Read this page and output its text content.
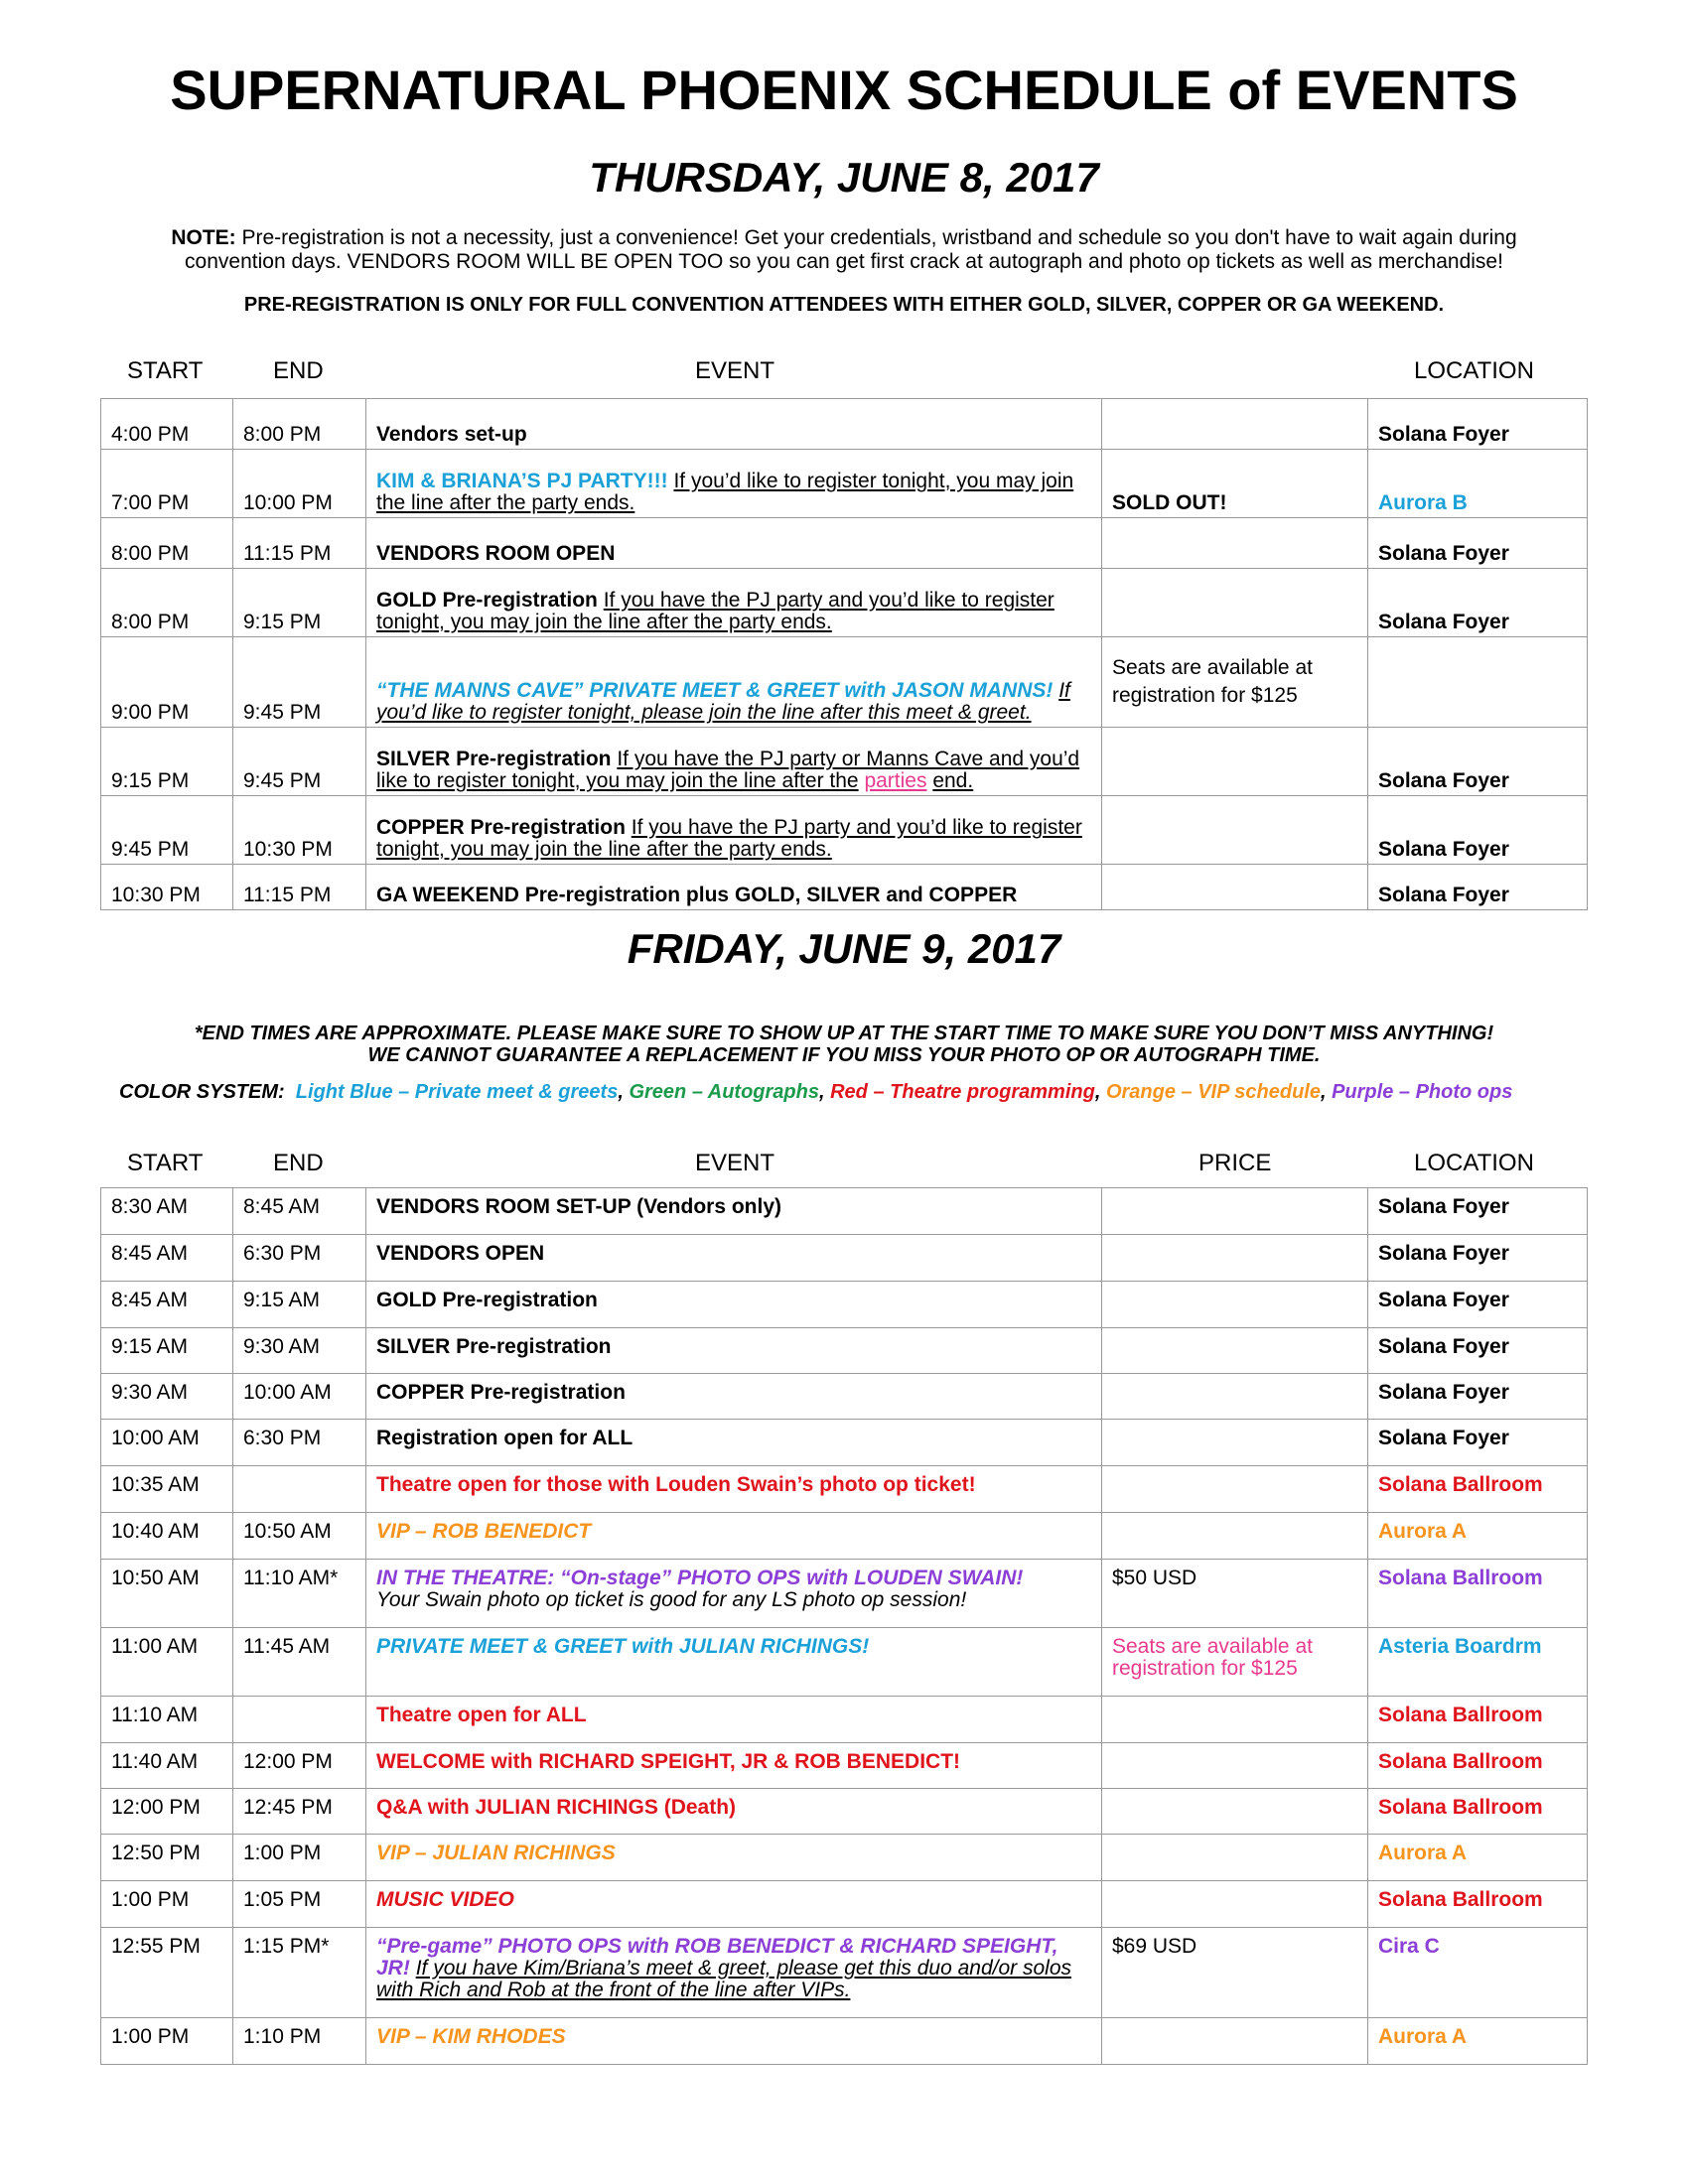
SUPERNATURAL PHOENIX SCHEDULE of EVENTS
THURSDAY, JUNE 8, 2017

NOTE: Pre-registration is not a necessity, just a convenience! Get your credentials, wristband and schedule so you don't have to wait again during convention days. VENDORS ROOM WILL BE OPEN TOO so you can get first crack at autograph and photo op tickets as well as merchandise!

PRE-REGISTRATION IS ONLY FOR FULL CONVENTION ATTENDEES WITH EITHER GOLD, SILVER, COPPER OR GA WEEKEND.

START	END	EVENT	LOCATION
4:00 PM	8:00 PM	Vendors set-up		Solana Foyer
7:00 PM	10:00 PM	KIM & BRIANA’S PJ PARTY!!! If you’d like to register tonight, you may join the line after the party ends.	SOLD OUT!	Aurora B
8:00 PM	11:15 PM	VENDORS ROOM OPEN		Solana Foyer
8:00 PM	9:15 PM	GOLD Pre-registration If you have the PJ party and you’d like to register tonight, you may join the line after the party ends.		Solana Foyer
9:00 PM	9:45 PM	“THE MANNS CAVE” PRIVATE MEET & GREET with JASON MANNS! If you’d like to register tonight, please join the line after this meet & greet.	Seats are available at registration for $125	
9:15 PM	9:45 PM	SILVER Pre-registration If you have the PJ party or Manns Cave and you’d like to register tonight, you may join the line after the parties end.		Solana Foyer
9:45 PM	10:30 PM	COPPER Pre-registration If you have the PJ party and you’d like to register tonight, you may join the line after the party ends.		Solana Foyer
10:30 PM	11:15 PM	GA WEEKEND Pre-registration plus GOLD, SILVER and COPPER		Solana Foyer
FRIDAY, JUNE 9, 2017

*END TIMES ARE APPROXIMATE. PLEASE MAKE SURE TO SHOW UP AT THE START TIME TO MAKE SURE YOU DON’T MISS ANYTHING!

WE CANNOT GUARANTEE A REPLACEMENT IF YOU MISS YOUR PHOTO OP OR AUTOGRAPH TIME.

COLOR SYSTEM: Light Blue – Private meet & greets, Green – Autographs, Red – Theatre programming, Orange – VIP schedule, Purple – Photo ops

START	END	EVENT	PRICE	LOCATION
8:30 AM	8:45 AM	VENDORS ROOM SET-UP (Vendors only)		Solana Foyer
8:45 AM	6:30 PM	VENDORS OPEN		Solana Foyer
8:45 AM	9:15 AM	GOLD Pre-registration		Solana Foyer
9:15 AM	9:30 AM	SILVER Pre-registration		Solana Foyer
9:30 AM	10:00 AM	COPPER Pre-registration		Solana Foyer
10:00 AM	6:30 PM	Registration open for ALL		Solana Foyer
10:35 AM		Theatre open for those with Louden Swain’s photo op ticket!		Solana Ballroom
10:40 AM	10:50 AM	VIP – ROB BENEDICT		Aurora A
10:50 AM	11:10 AM*	IN THE THEATRE: “On-stage” PHOTO OPS with LOUDEN SWAIN!
Your Swain photo op ticket is good for any LS photo op session!	$50 USD	Solana Ballroom
11:00 AM	11:45 AM	PRIVATE MEET & GREET with JULIAN RICHINGS!	Seats are available at registration for $125	Asteria Boardrm
11:10 AM		Theatre open for ALL		Solana Ballroom
11:40 AM	12:00 PM	WELCOME with RICHARD SPEIGHT, JR & ROB BENEDICT!		Solana Ballroom
12:00 PM	12:45 PM	Q&A with JULIAN RICHINGS (Death)		Solana Ballroom
12:50 PM	1:00 PM	VIP – JULIAN RICHINGS		Aurora A
1:00 PM	1:05 PM	MUSIC VIDEO		Solana Ballroom
12:55 PM	1:15 PM*	“Pre-game” PHOTO OPS with ROB BENEDICT & RICHARD SPEIGHT, JR! If you have Kim/Briana’s meet & greet, please get this duo and/or solos with Rich and Rob at the front of the line after VIPs.	$69 USD	Cira C
1:00 PM	1:10 PM	VIP – KIM RHODES		Aurora A
